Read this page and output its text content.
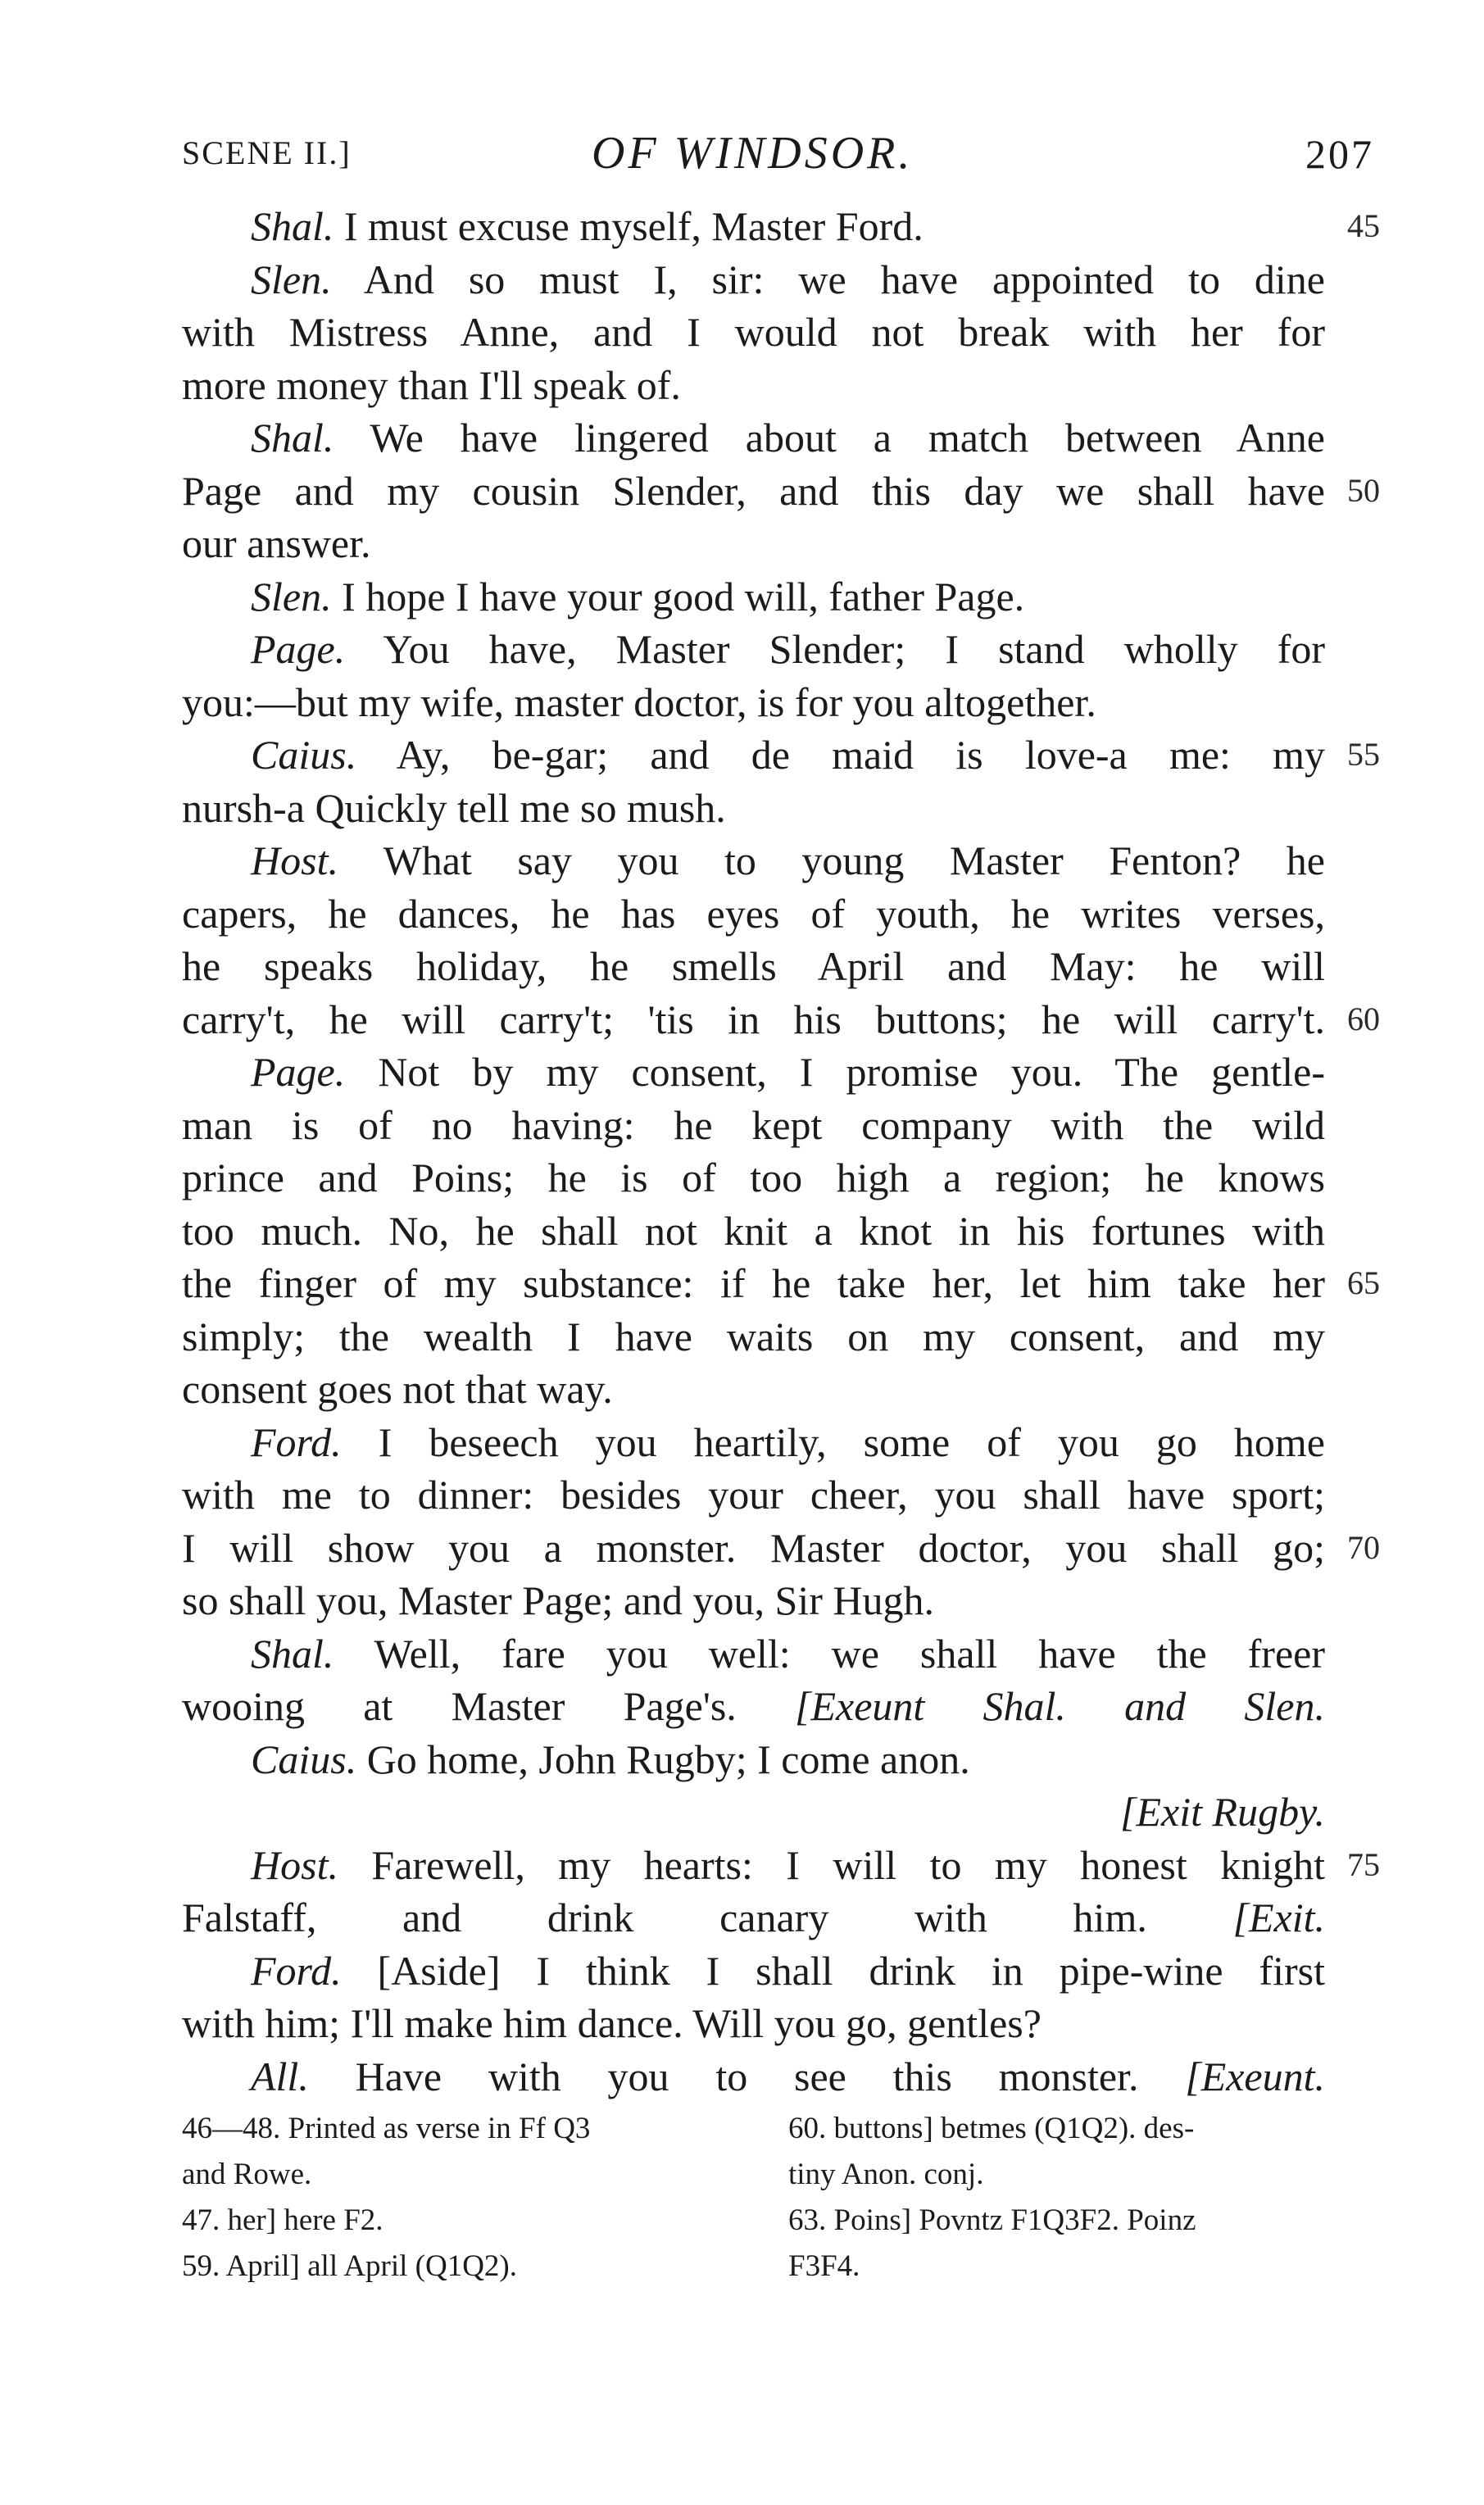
SCENE II.]	OF WINDSOR.	207
Shal. I must excuse myself, Master Ford.	45
Slen. And so must I, sir: we have appointed to dine
with Mistress Anne, and I would not break with her for
more money than I'll speak of.
Shal. We have lingered about a match between Anne
Page and my cousin Slender, and this day we shall have 50
our answer.
Slen. I hope I have your good will, father Page.
Page. You have, Master Slender; I stand wholly for
you:—but my wife, master doctor, is for you altogether.
Caius. Ay, be-gar; and de maid is love-a me: my 55
nursh-a Quickly tell me so mush.
Host. What say you to young Master Fenton? he
capers, he dances, he has eyes of youth, he writes verses,
he speaks holiday, he smells April and May: he will
carry't, he will carry't; 'tis in his buttons; he will carry't. 60
Page. Not by my consent, I promise you. The gentle-
man is of no having: he kept company with the wild
prince and Poins; he is of too high a region; he knows
too much. No, he shall not knit a knot in his fortunes with
the finger of my substance: if he take her, let him take her 65
simply; the wealth I have waits on my consent, and my
consent goes not that way.
Ford. I beseech you heartily, some of you go home
with me to dinner: besides your cheer, you shall have sport;
I will show you a monster. Master doctor, you shall go; 70
so shall you, Master Page; and you, Sir Hugh.
Shal. Well, fare you well: we shall have the freer
wooing at Master Page's. [Exeunt Shal. and Slen.
Caius. Go home, John Rugby; I come anon.
[Exit Rugby.
Host. Farewell, my hearts: I will to my honest knight 75
Falstaff, and drink canary with him. [Exit.
Ford. [Aside] I think I shall drink in pipe-wine first
with him; I'll make him dance. Will you go, gentles?
All. Have with you to see this monster. [Exeunt.
46—48. Printed as verse in Ff Q3
and Rowe.
47. her] here F2.
59. April] all April (Q1Q2).
60. buttons] betmes (Q1Q2). des-
tiny Anon. conj.
63. Poins] Povntz F1Q3F2. Poinz
F3F4.
